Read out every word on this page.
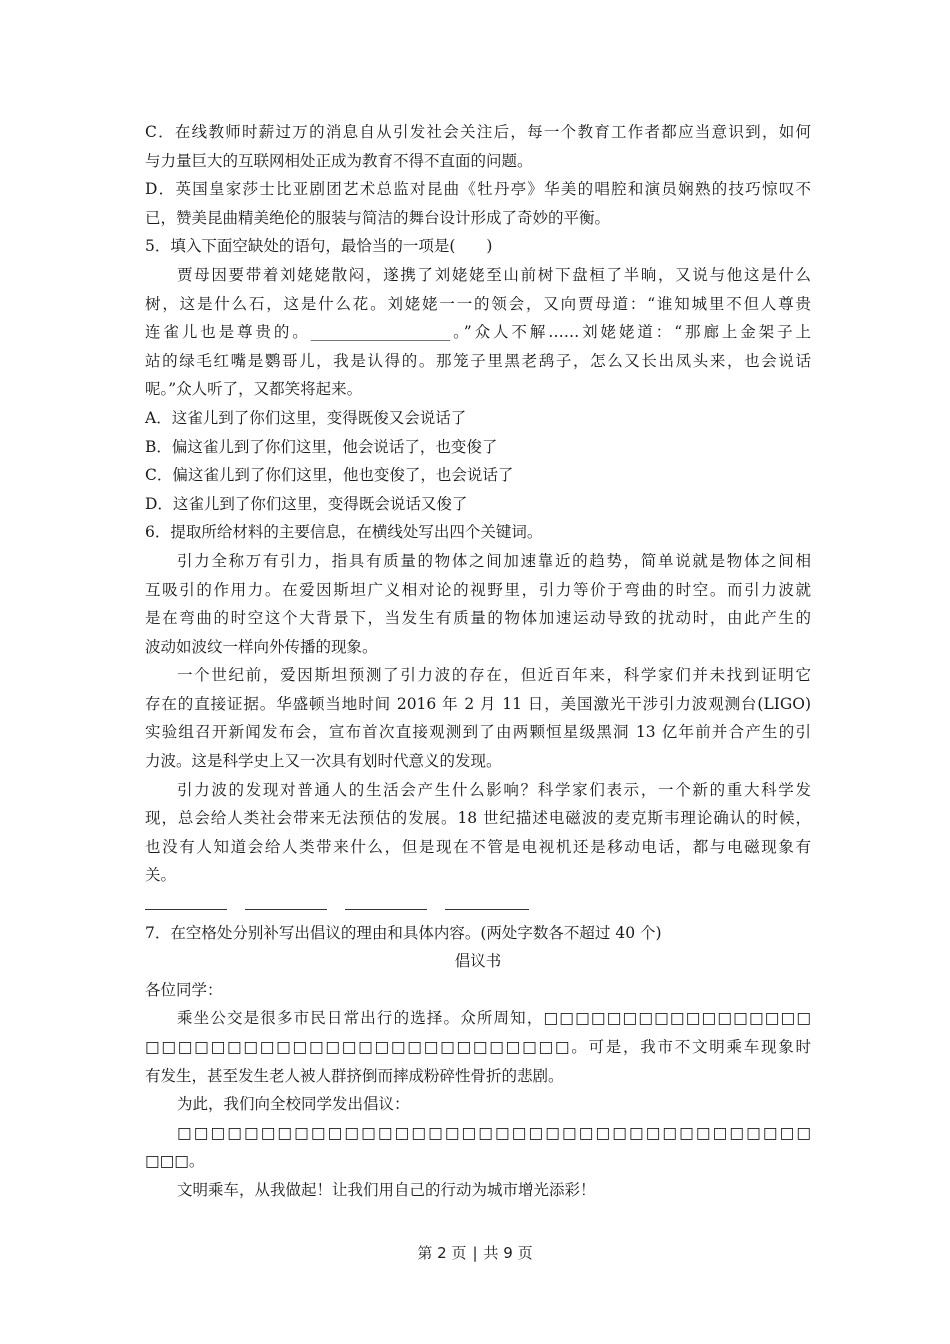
C．在线教师时薪过万的消息自从引发社会关注后，每一个教育工作者都应当意识到，如何
与力量巨大的互联网相处正成为教育不得不直面的问题。
D．英国皇家莎士比亚剧团艺术总监对昆曲《牡丹亭》华美的唱腔和演员娴熟的技巧惊叹不
已，赞美昆曲精美绝伦的服装与简洁的舞台设计形成了奇妙的平衡。
5．填入下面空缺处的语句，最恰当的一项是(　　)
贾母因要带着刘姥姥散闷，遂携了刘姥姥至山前树下盘桓了半晌，又说与他这是什么
树，这是什么石，这是什么花。刘姥姥一一的领会，又向贾母道：“谁知城里不但人尊贵
连雀儿也是尊贵的。__________________。”众人不解……刘姥姥道：“那廊上金架子上
站的绿毛红嘴是鹦哥儿，我是认得的。那笼子里黑老鸹子，怎么又长出凤头来，也会说话
呢。”众人听了，又都笑将起来。
A．这雀儿到了你们这里，变得既俊又会说话了
B．偏这雀儿到了你们这里，他会说话了，也变俊了
C．偏这雀儿到了你们这里，他也变俊了，也会说话了
D．这雀儿到了你们这里，变得既会说话又俊了
6．提取所给材料的主要信息，在横线处写出四个关键词。
引力全称万有引力，指具有质量的物体之间加速靠近的趋势，简单说就是物体之间相
互吸引的作用力。在爱因斯坦广义相对论的视野里，引力等价于弯曲的时空。而引力波就
是在弯曲的时空这个大背景下，当发生有质量的物体加速运动导致的扰动时，由此产生的
波动如波纹一样向外传播的现象。
一个世纪前，爱因斯坦预测了引力波的存在，但近百年来，科学家们并未找到证明它
存在的直接证据。华盛顿当地时间 2016 年 2 月 11 日，美国激光干涉引力波观测台(LIGO)
实验组召开新闻发布会，宣布首次直接观测到了由两颗恒星级黑洞 13 亿年前并合产生的引
力波。这是科学史上又一次具有划时代意义的发现。
引力波的发现对普通人的生活会产生什么影响？科学家们表示，一个新的重大科学发
现，总会给人类社会带来无法预估的发展。18 世纪描述电磁波的麦克斯韦理论确认的时候，
也没有人知道会给人类带来什么，但是现在不管是电视机还是移动电话，都与电磁现象有
关。
7．在空格处分别补写出倡议的理由和具体内容。(两处字数各不超过 40 个)
倡议书
各位同学：
乘坐公交是很多市民日常出行的选择。众所周知，□□□□□□□□□□□□□□□□□
□□□□□□□□□□□□□□□□□□□□□□□□□□。可是，我市不文明乘车现象时
有发生，甚至发生老人被人群挤倒而摔成粉碎性骨折的悲剧。
为此，我们向全校同学发出倡议：
□□□□□□□□□□□□□□□□□□□□□□□□□□□□□□□□□□□□□□
□□□。
文明乘车，从我做起！让我们用自己的行动为城市增光添彩！
第 2 页 | 共 9 页
